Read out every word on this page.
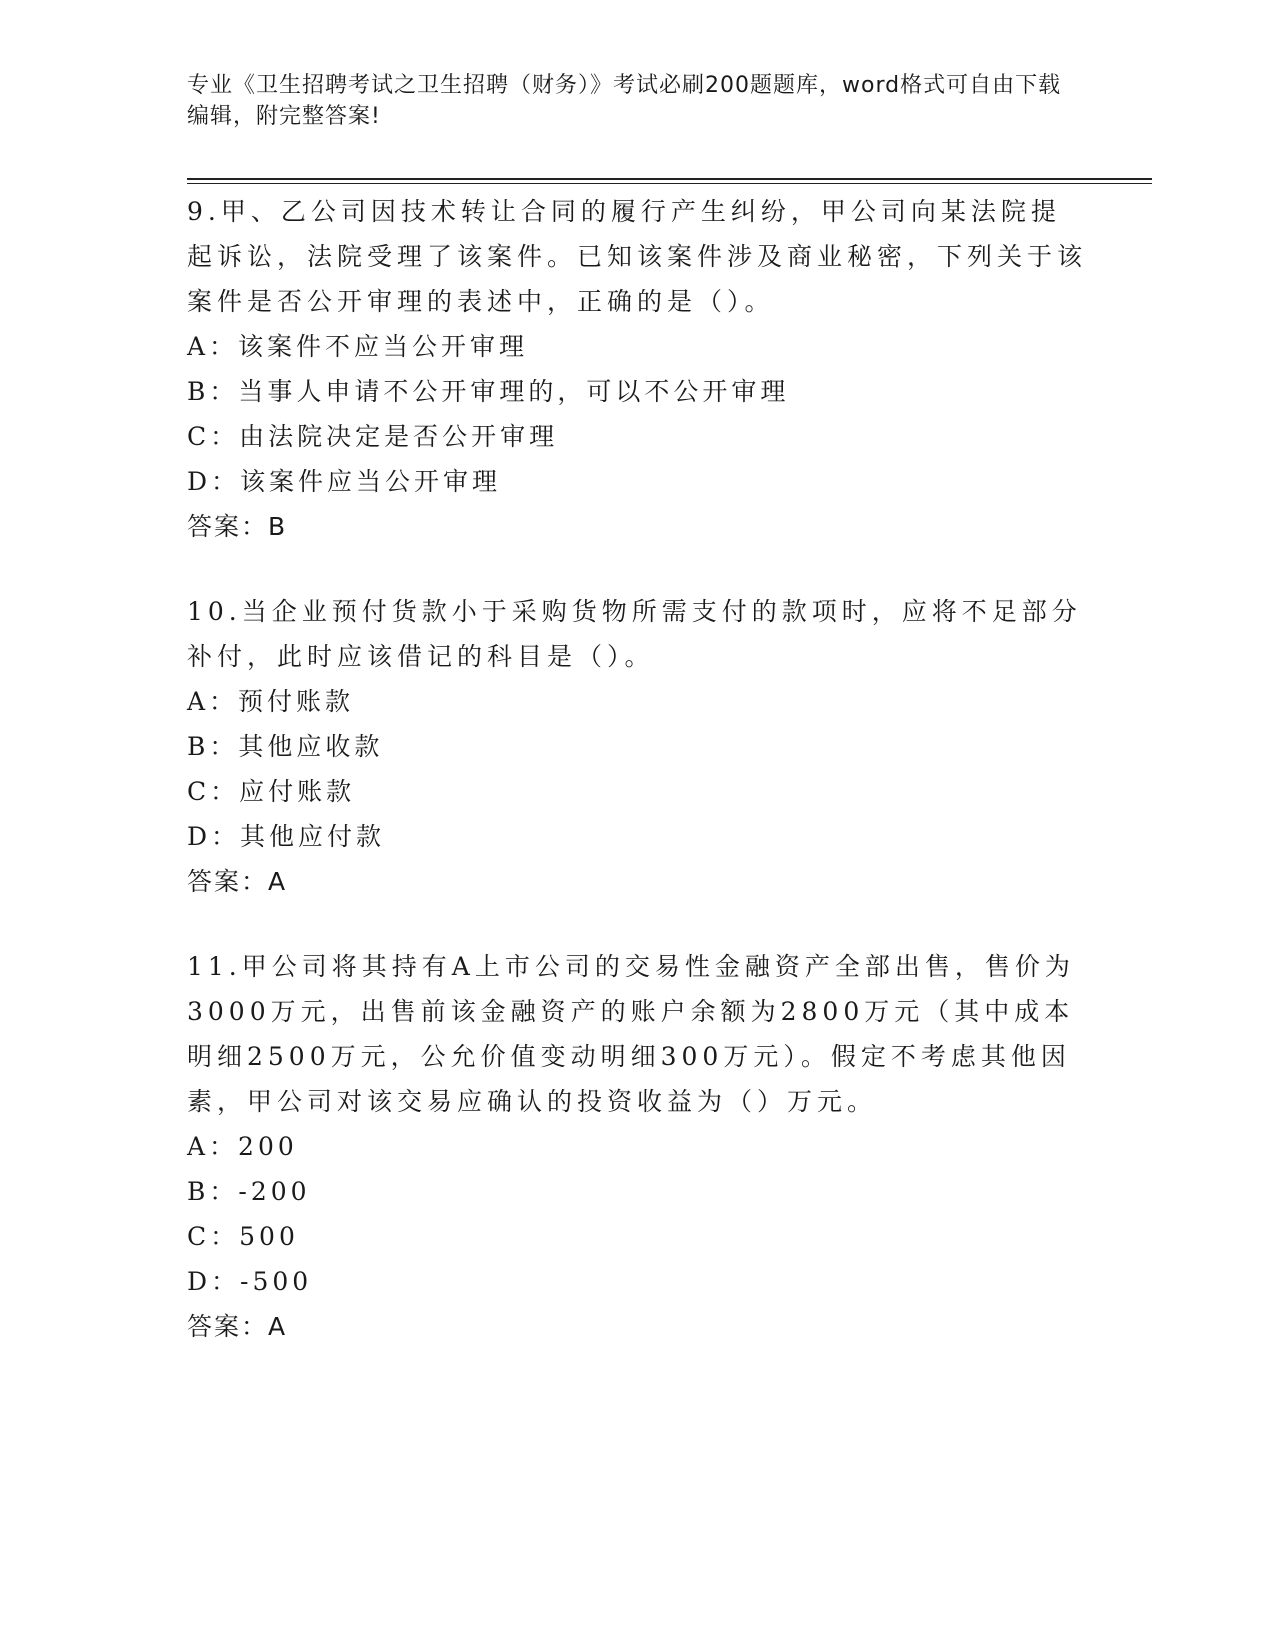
专业《卫生招聘考试之卫生招聘（财务）》考试必刷200题题库，word格式可自由下载编辑，附完整答案!

9.甲、乙公司因技术转让合同的履行产生纠纷，甲公司向某法院提起诉讼，法院受理了该案件。已知该案件涉及商业秘密，下列关于该案件是否公开审理的表述中，正确的是（）。

A：该案件不应当公开审理

B：当事人申请不公开审理的，可以不公开审理

C：由法院决定是否公开审理

D：该案件应当公开审理

答案：B

10.当企业预付货款小于采购货物所需支付的款项时，应将不足部分补付，此时应该借记的科目是（）。

A：预付账款

B：其他应收款

C：应付账款

D：其他应付款

答案：A

11.甲公司将其持有A上市公司的交易性金融资产全部出售，售价为3000万元，出售前该金融资产的账户余额为2800万元（其中成本明细2500万元，公允价值变动明细300万元）。假定不考虑其他因素，甲公司对该交易应确认的投资收益为（）万元。

A：200

B：-200

C：500

D：-500

答案：A
